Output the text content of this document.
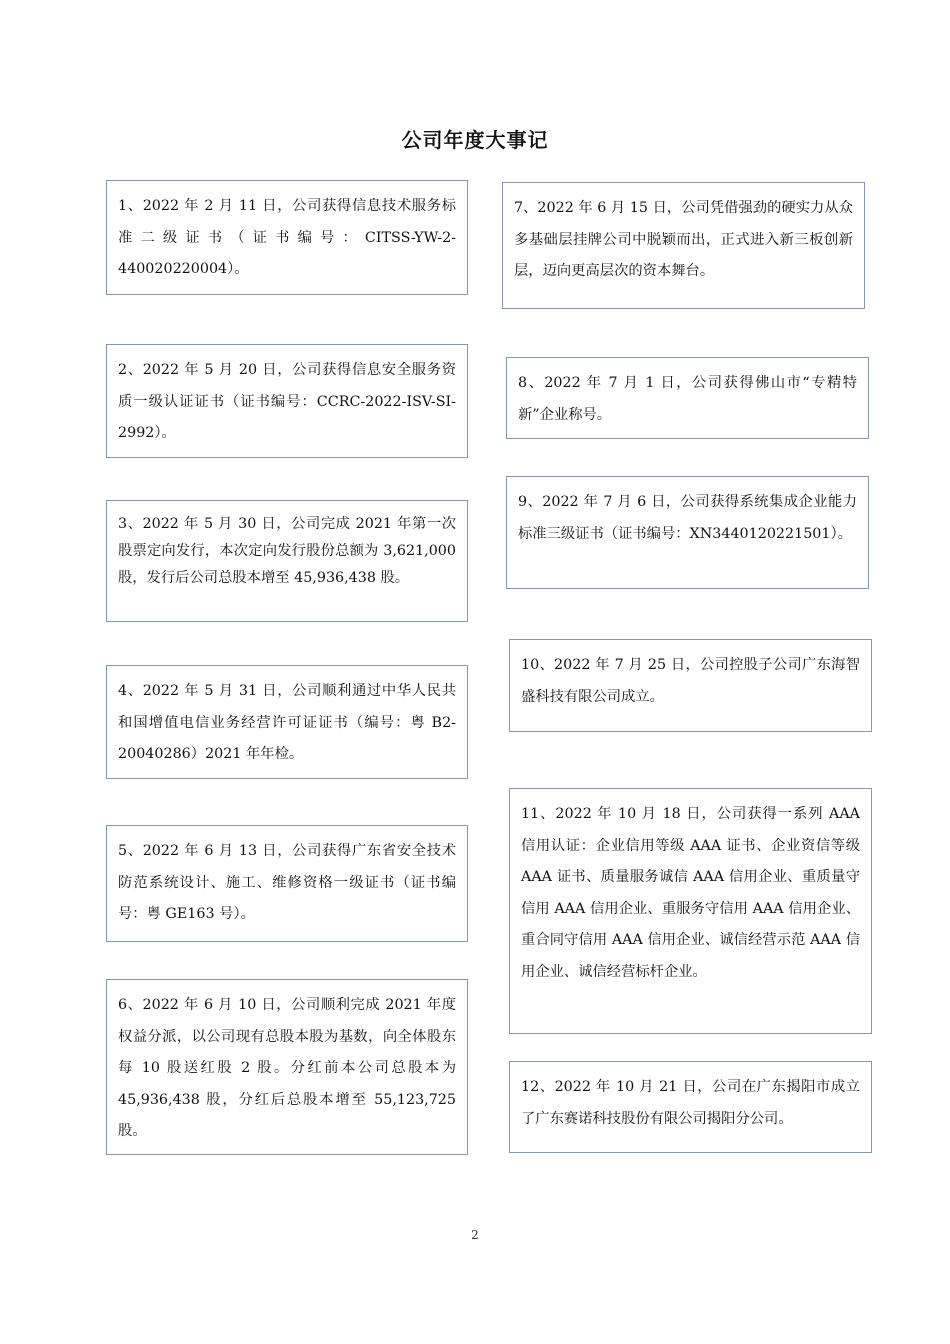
公司年度大事记
1、2022 年 2 月 11 日，公司获得信息技术服务标准二级证书（证书编号：CITSS-YW-2-440020220004）。
2、2022 年 5 月 20 日，公司获得信息安全服务资质一级认证证书（证书编号：CCRC-2022-ISV-SI-2992）。
3、2022 年 5 月 30 日，公司完成 2021 年第一次股票定向发行，本次定向发行股份总额为 3,621,000 股，发行后公司总股本增至 45,936,438 股。
4、2022 年 5 月 31 日，公司顺利通过中华人民共和国增值电信业务经营许可证证书（编号：粤 B2-20040286）2021 年年检。
5、2022 年 6 月 13 日，公司获得广东省安全技术防范系统设计、施工、维修资格一级证书（证书编号：粤 GE163 号）。
6、2022 年 6 月 10 日，公司顺利完成 2021 年度权益分派，以公司现有总股本股为基数，向全体股东每 10 股送红股 2 股。分红前本公司总股本为 45,936,438 股，分红后总股本增至 55,123,725 股。
7、2022 年 6 月 15 日，公司凭借强劲的硬实力从众多基础层挂牌公司中脱颖而出，正式进入新三板创新层，迈向更高层次的资本舞台。
8、2022 年 7 月 1 日，公司获得佛山市“专精特新”企业称号。
9、2022 年 7 月 6 日，公司获得系统集成企业能力标准三级证书（证书编号：XN3440120221501）。
10、2022 年 7 月 25 日，公司控股子公司广东海智盛科技有限公司成立。
11、2022 年 10 月 18 日，公司获得一系列 AAA 信用认证：企业信用等级 AAA 证书、企业资信等级 AAA 证书、质量服务诚信 AAA 信用企业、重质量守信用 AAA 信用企业、重服务守信用 AAA 信用企业、重合同守信用 AAA 信用企业、诚信经营示范 AAA 信用企业、诚信经营标杆企业。
12、2022 年 10 月 21 日，公司在广东揭阳市成立了广东赛诺科技股份有限公司揭阳分公司。
2
